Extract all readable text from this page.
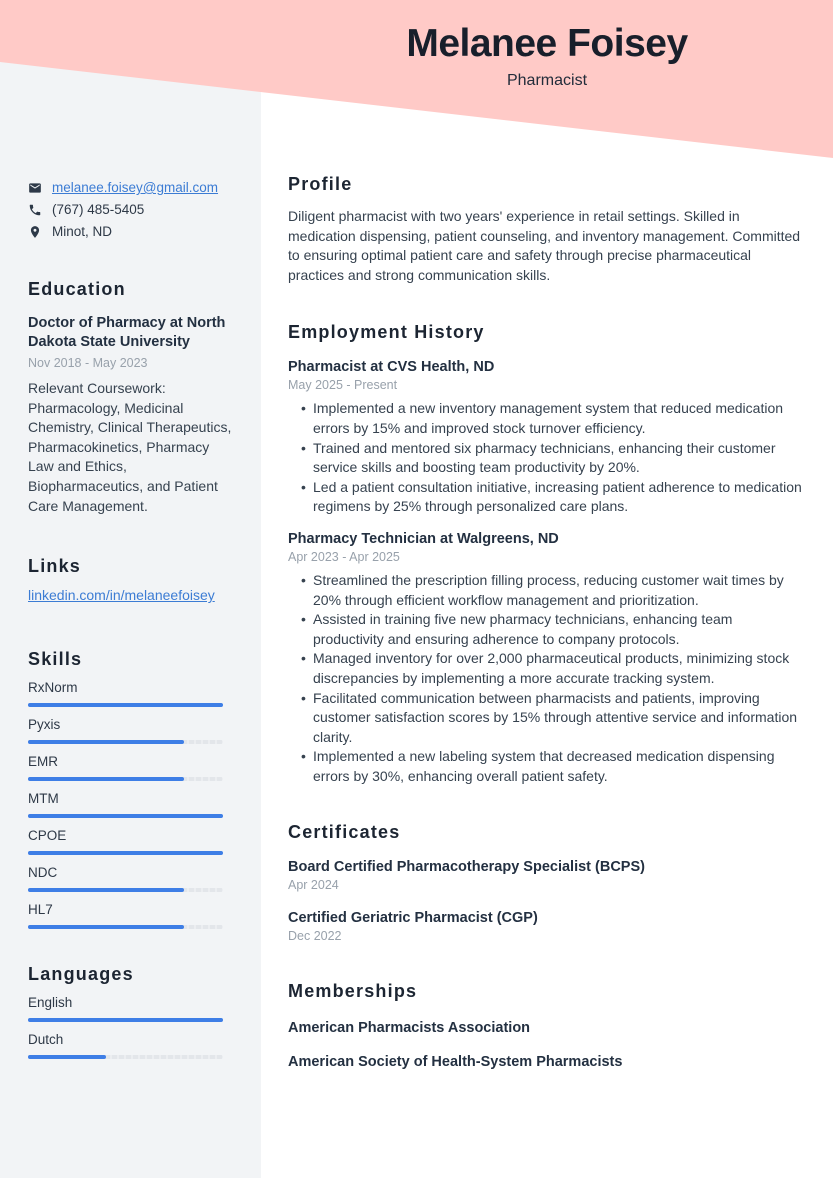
melanee.foisey@gmail.com
(767) 485-5405
Minot, ND
Education
Doctor of Pharmacy at North Dakota State University
Nov 2018 - May 2023

Relevant Coursework: Pharmacology, Medicinal Chemistry, Clinical Therapeutics, Pharmacokinetics, Pharmacy Law and Ethics, Biopharmaceutics, and Patient Care Management.

Links
linkedin.com/in/melaneefoisey
Skills
RxNorm
Pyxis
EMR
MTM
CPOE
NDC
HL7
Languages
English
Dutch
Melanee Foisey
Pharmacist
Profile

Diligent pharmacist with two years' experience in retail settings. Skilled in medication dispensing, patient counseling, and inventory management. Committed to ensuring optimal patient care and safety through precise pharmaceutical practices and strong communication skills.

Employment History
Pharmacist at CVS Health, ND
May 2025 - Present
• Implemented a new inventory management system that reduced medication errors by 15% and improved stock turnover efficiency.
• Trained and mentored six pharmacy technicians, enhancing their customer service skills and boosting team productivity by 20%.
• Led a patient consultation initiative, increasing patient adherence to medication regimens by 25% through personalized care plans.
Pharmacy Technician at Walgreens, ND
Apr 2023 - Apr 2025
• Streamlined the prescription filling process, reducing customer wait times by 20% through efficient workflow management and prioritization.
• Assisted in training five new pharmacy technicians, enhancing team productivity and ensuring adherence to company protocols.
• Managed inventory for over 2,000 pharmaceutical products, minimizing stock discrepancies by implementing a more accurate tracking system.
• Facilitated communication between pharmacists and patients, improving customer satisfaction scores by 15% through attentive service and information clarity.
• Implemented a new labeling system that decreased medication dispensing errors by 30%, enhancing overall patient safety.
Certificates
Board Certified Pharmacotherapy Specialist (BCPS)
Apr 2024
Certified Geriatric Pharmacist (CGP)
Dec 2022
Memberships
American Pharmacists Association
American Society of Health-System Pharmacists
